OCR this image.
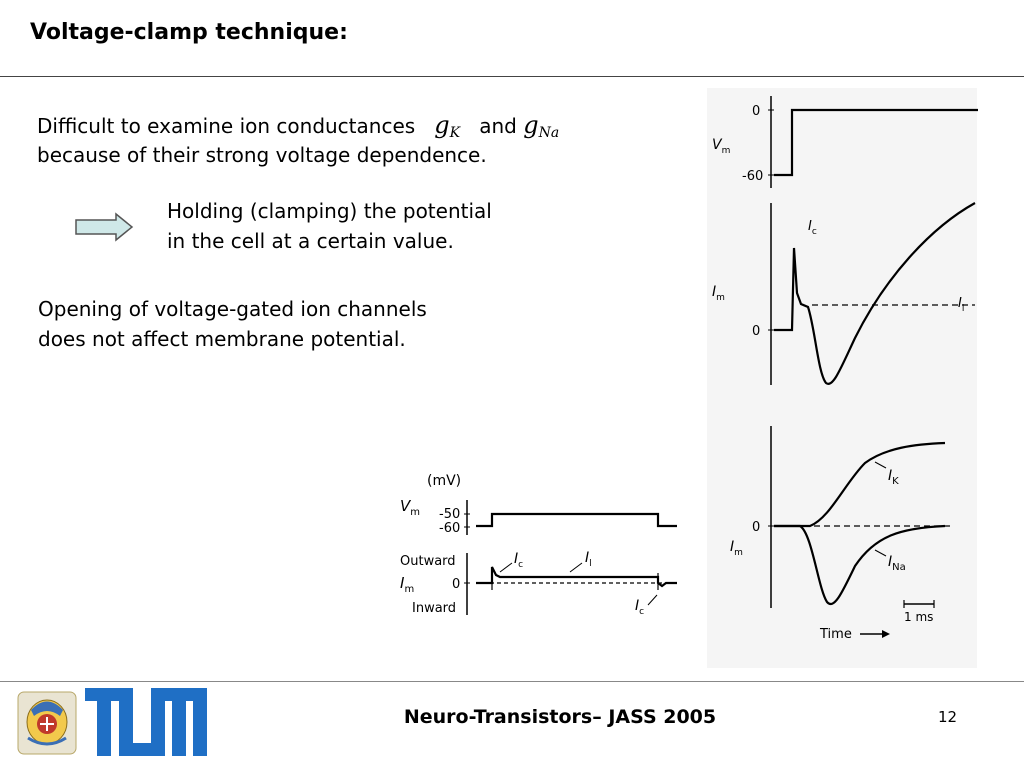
Voltage-clamp technique:
Difficult to examine ion conductances $g_K$ and $g_{Na}$
because of their strong voltage dependence.
Holding (clamping) the potential
in the cell at a certain value.
Opening of voltage-gated ion channels
does not affect membrane potential.
(mV)
$V_m$ -50
-60
Outward
$I_m$	0
Inward
$I_c$	$I_l$
$I_c$
0
-60
$V_m$
0
$I_m$
$I_c$
$I_l$
0
$I_m$
$I_K$
$I_{Na}$
1 ms
Time
Neuro-Transistors– JASS 2005	12
